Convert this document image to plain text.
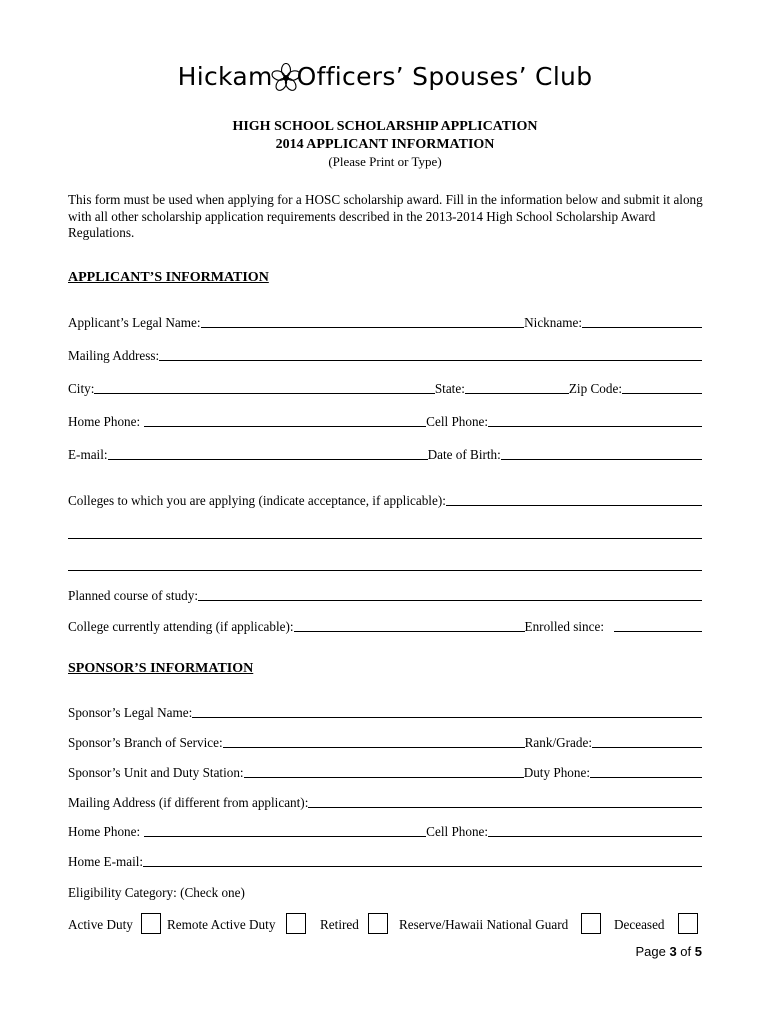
Hickam Officers’ Spouses’ Club
HIGH SCHOOL SCHOLARSHIP APPLICATION
2014 APPLICANT INFORMATION
(Please Print or Type)
This form must be used when applying for a HOSC scholarship award. Fill in the information below and submit it along with all other scholarship application requirements described in the 2013-2014 High School Scholarship Award Regulations.
APPLICANT’S INFORMATION
Applicant’s Legal Name:	Nickname:
Mailing Address:
City:	State:	Zip Code:
Home Phone:	Cell Phone:
E-mail:	Date of Birth:
Colleges to which you are applying (indicate acceptance, if applicable):
Planned course of study:
College currently attending (if applicable):	Enrolled since:
SPONSOR’S INFORMATION
Sponsor’s Legal Name:
Sponsor’s Branch of Service:	Rank/Grade:
Sponsor’s Unit and Duty Station:	Duty Phone:
Mailing Address (if different from applicant):
Home Phone:	Cell Phone:
Home E-mail:
Eligibility Category: (Check one)
Active Duty	Remote Active Duty	Retired	Reserve/Hawaii National Guard	Deceased
Page 3 of 5
